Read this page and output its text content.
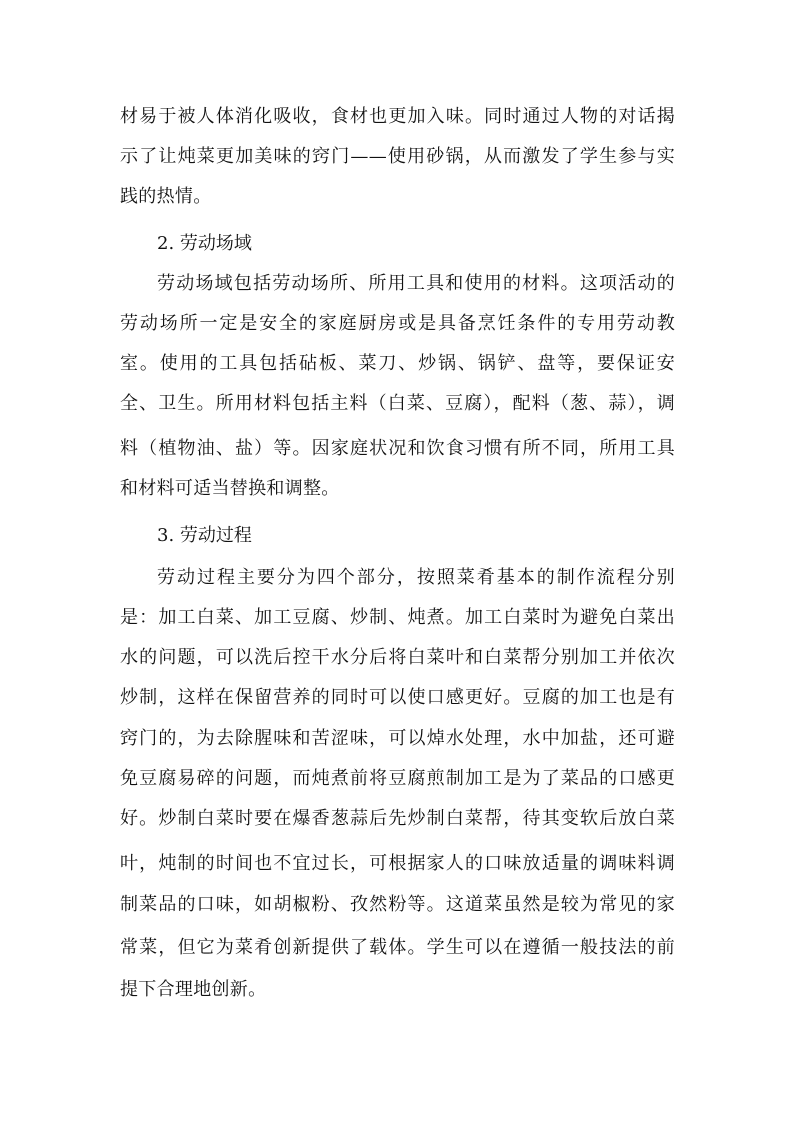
材易于被人体消化吸收，食材也更加入味。同时通过人物的对话揭
示了让炖菜更加美味的窍门——使用砂锅，从而激发了学生参与实
践的热情。
2. 劳动场域
劳动场域包括劳动场所、所用工具和使用的材料。这项活动的
劳动场所一定是安全的家庭厨房或是具备烹饪条件的专用劳动教
室。使用的工具包括砧板、菜刀、炒锅、锅铲、盘等，要保证安
全、卫生。所用材料包括主料（白菜、豆腐），配料（葱、蒜），调
料（植物油、盐）等。因家庭状况和饮食习惯有所不同，所用工具
和材料可适当替换和调整。
3. 劳动过程
劳动过程主要分为四个部分，按照菜肴基本的制作流程分别
是：加工白菜、加工豆腐、炒制、炖煮。加工白菜时为避免白菜出
水的问题，可以洗后控干水分后将白菜叶和白菜帮分别加工并依次
炒制，这样在保留营养的同时可以使口感更好。豆腐的加工也是有
窍门的，为去除腥味和苦涩味，可以焯水处理，水中加盐，还可避
免豆腐易碎的问题，而炖煮前将豆腐煎制加工是为了菜品的口感更
好。炒制白菜时要在爆香葱蒜后先炒制白菜帮，待其变软后放白菜
叶，炖制的时间也不宜过长，可根据家人的口味放适量的调味料调
制菜品的口味，如胡椒粉、孜然粉等。这道菜虽然是较为常见的家
常菜，但它为菜肴创新提供了载体。学生可以在遵循一般技法的前
提下合理地创新。
